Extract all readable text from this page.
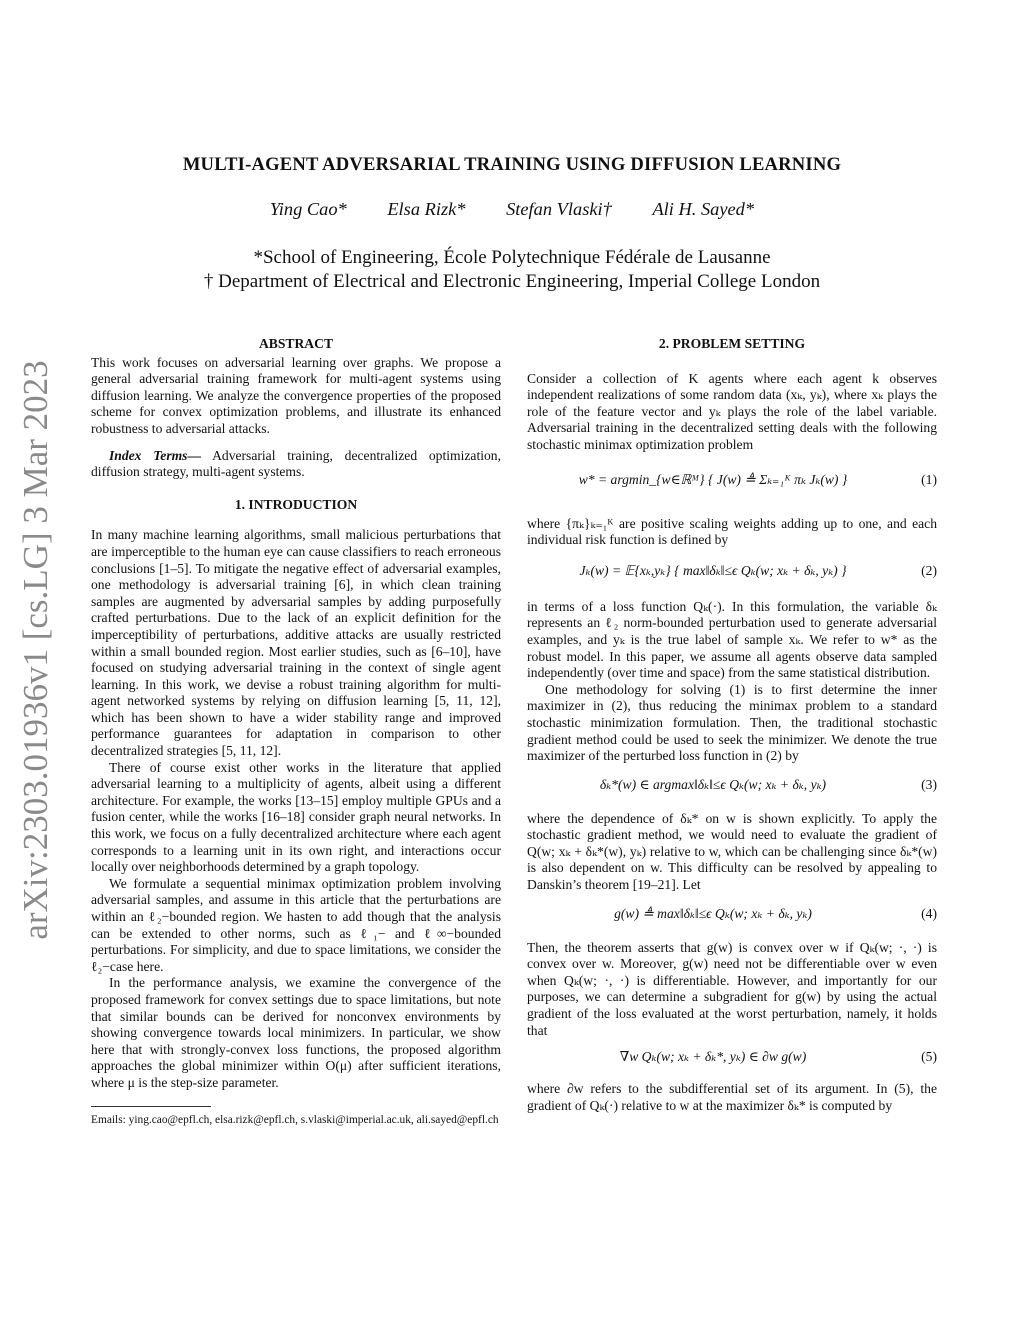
arXiv:2303.01936v1 [cs.LG] 3 Mar 2023
MULTI-AGENT ADVERSARIAL TRAINING USING DIFFUSION LEARNING
Ying Cao* Elsa Rizk* Stefan Vlaski† Ali H. Sayed*
*School of Engineering, École Polytechnique Fédérale de Lausanne
† Department of Electrical and Electronic Engineering, Imperial College London
ABSTRACT

This work focuses on adversarial learning over graphs. We propose a general adversarial training framework for multi-agent systems using diffusion learning. We analyze the convergence properties of the proposed scheme for convex optimization problems, and illustrate its enhanced robustness to adversarial attacks.

Index Terms— Adversarial training, decentralized optimization, diffusion strategy, multi-agent systems.

1. INTRODUCTION

In many machine learning algorithms, small malicious perturbations that are imperceptible to the human eye can cause classifiers to reach erroneous conclusions [1–5]. To mitigate the negative effect of adversarial examples, one methodology is adversarial training [6], in which clean training samples are augmented by adversarial samples by adding purposefully crafted perturbations. Due to the lack of an explicit definition for the imperceptibility of perturbations, additive attacks are usually restricted within a small bounded region. Most earlier studies, such as [6–10], have focused on studying adversarial training in the context of single agent learning. In this work, we devise a robust training algorithm for multi-agent networked systems by relying on diffusion learning [5, 11, 12], which has been shown to have a wider stability range and improved performance guarantees for adaptation in comparison to other decentralized strategies [5, 11, 12].

There of course exist other works in the literature that applied adversarial learning to a multiplicity of agents, albeit using a different architecture. For example, the works [13–15] employ multiple GPUs and a fusion center, while the works [16–18] consider graph neural networks. In this work, we focus on a fully decentralized architecture where each agent corresponds to a learning unit in its own right, and interactions occur locally over neighborhoods determined by a graph topology.

We formulate a sequential minimax optimization problem involving adversarial samples, and assume in this article that the perturbations are within an ℓ₂−bounded region. We hasten to add though that the analysis can be extended to other norms, such as ℓ₁− and ℓ∞−bounded perturbations. For simplicity, and due to space limitations, we consider the ℓ₂−case here.

In the performance analysis, we examine the convergence of the proposed framework for convex settings due to space limitations, but note that similar bounds can be derived for nonconvex environments by showing convergence towards local minimizers. In particular, we show here that with strongly-convex loss functions, the proposed algorithm approaches the global minimizer within O(μ) after sufficient iterations, where μ is the step-size parameter.

Emails: ying.cao@epfl.ch, elsa.rizk@epfl.ch, s.vlaski@imperial.ac.uk, ali.sayed@epfl.ch

2. PROBLEM SETTING

Consider a collection of K agents where each agent k observes independent realizations of some random data (xₖ, yₖ), where xₖ plays the role of the feature vector and yₖ plays the role of the label variable. Adversarial training in the decentralized setting deals with the following stochastic minimax optimization problem

w* = argmin_{w∈ℝᴹ} { J(w) ≜ Σₖ₌₁ᴷ πₖ Jₖ(w) }	(1)

where {πₖ}ₖ₌₁ᴷ are positive scaling weights adding up to one, and each individual risk function is defined by

Jₖ(w) = 𝔼{xₖ,yₖ} { max‖δₖ‖≤ϵ Qₖ(w; xₖ + δₖ, yₖ) }	(2)

in terms of a loss function Qₖ(·). In this formulation, the variable δₖ represents an ℓ₂ norm-bounded perturbation used to generate adversarial examples, and yₖ is the true label of sample xₖ. We refer to w* as the robust model. In this paper, we assume all agents observe data sampled independently (over time and space) from the same statistical distribution.

One methodology for solving (1) is to first determine the inner maximizer in (2), thus reducing the minimax problem to a standard stochastic minimization formulation. Then, the traditional stochastic gradient method could be used to seek the minimizer. We denote the true maximizer of the perturbed loss function in (2) by

δₖ*(w) ∈ argmax‖δₖ‖≤ϵ Qₖ(w; xₖ + δₖ, yₖ)	(3)

where the dependence of δₖ* on w is shown explicitly. To apply the stochastic gradient method, we would need to evaluate the gradient of Q(w; xₖ + δₖ*(w), yₖ) relative to w, which can be challenging since δₖ*(w) is also dependent on w. This difficulty can be resolved by appealing to Danskin’s theorem [19–21]. Let

g(w) ≜ max‖δₖ‖≤ϵ Qₖ(w; xₖ + δₖ, yₖ)	(4)

Then, the theorem asserts that g(w) is convex over w if Qₖ(w; ·, ·) is convex over w. Moreover, g(w) need not be differentiable over w even when Qₖ(w; ·, ·) is differentiable. However, and importantly for our purposes, we can determine a subgradient for g(w) by using the actual gradient of the loss evaluated at the worst perturbation, namely, it holds that

∇w Qₖ(w; xₖ + δₖ*, yₖ) ∈ ∂w g(w)	(5)

where ∂w refers to the subdifferential set of its argument. In (5), the gradient of Qₖ(·) relative to w at the maximizer δₖ* is computed by
